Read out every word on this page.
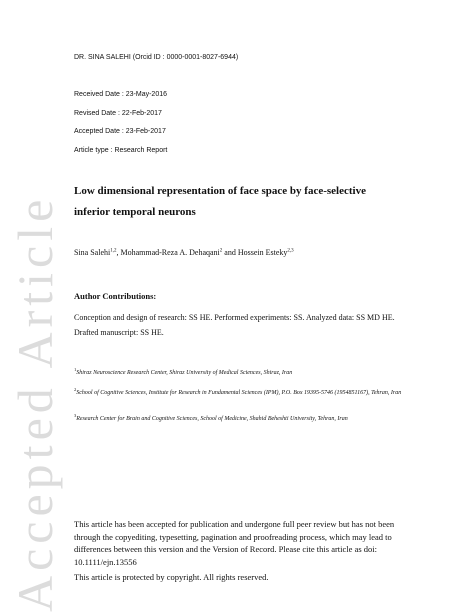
Accepted Article
DR. SINA SALEHI (Orcid ID : 0000-0001-8027-6944)
Received Date : 23-May-2016
Revised Date : 22-Feb-2017
Accepted Date : 23-Feb-2017
Article type : Research Report
Low dimensional representation of face space by face-selective inferior temporal neurons
Sina Salehi$^{1,2}$, Mohammad-Reza A. Dehaqani$^2$ and Hossein Esteky$^{2,3}$
Author Contributions:
Conception and design of research: SS HE. Performed experiments: SS. Analyzed data: SS MD HE.
Drafted manuscript: SS HE.
$^1$Shiraz Neuroscience Research Center, Shiraz University of Medical Sciences, Shiraz, Iran
$^2$School of Cognitive Sciences, Institute for Research in Fundamental Sciences (IPM), P.O. Box 19395-5746 (1954851167), Tehran, Iran
$^3$Research Center for Brain and Cognitive Sciences, School of Medicine, Shahid Beheshti University, Tehran, Iran
This article has been accepted for publication and undergone full peer review but has not been through the copyediting, typesetting, pagination and proofreading process, which may lead to differences between this version and the Version of Record. Please cite this article as doi: 10.1111/ejn.13556
This article is protected by copyright. All rights reserved.
